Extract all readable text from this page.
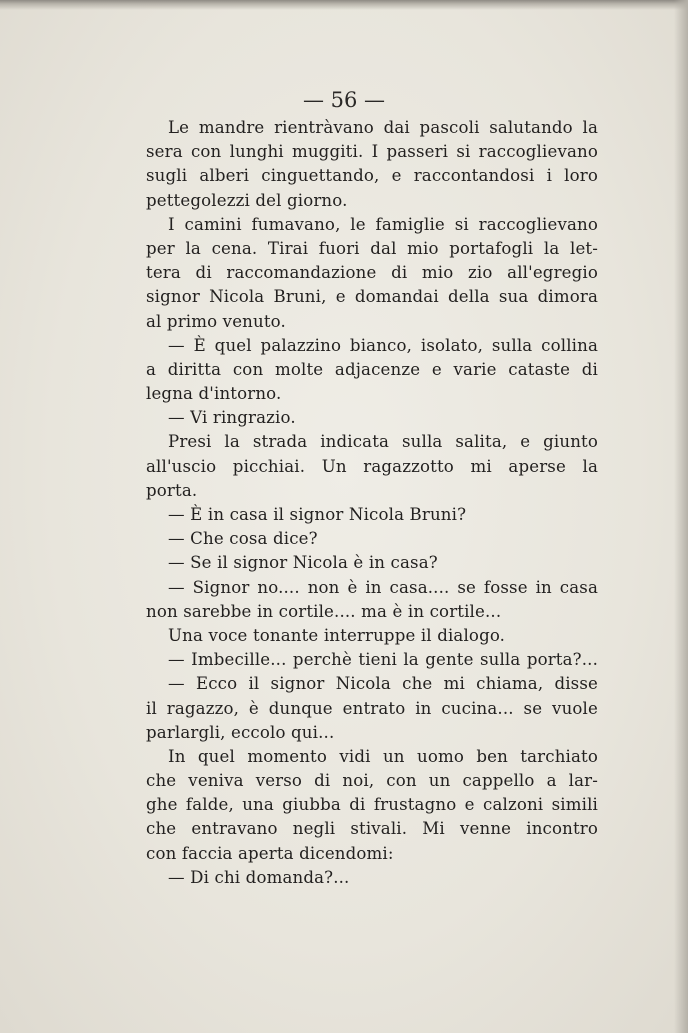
— 56 —

Le mandre rientràvano dai pascoli salutando la
sera con lunghi muggiti. I passeri si raccoglievano
sugli alberi cinguettando, e raccontandosi i loro
pettegolezzi del giorno.
I camini fumavano, le famiglie si raccoglievano
per la cena. Tirai fuori dal mio portafogli la let-
tera di raccomandazione di mio zio all'egregio
signor Nicola Bruni, e domandai della sua dimora
al primo venuto.
— È quel palazzino bianco, isolato, sulla collina
a diritta con molte adjacenze e varie cataste di
legna d'intorno.
— Vi ringrazio.
Presi la strada indicata sulla salita, e giunto
all'uscio picchiai. Un ragazzotto mi aperse la
porta.
— È in casa il signor Nicola Bruni?
— Che cosa dice?
— Se il signor Nicola è in casa?
— Signor no.... non è in casa.... se fosse in casa
non sarebbe in cortile.... ma è in cortile...
Una voce tonante interruppe il dialogo.
— Imbecille... perchè tieni la gente sulla porta?...
— Ecco il signor Nicola che mi chiama, disse
il ragazzo, è dunque entrato in cucina... se vuole
parlargli, eccolo qui...
In quel momento vidi un uomo ben tarchiato
che veniva verso di noi, con un cappello a lar-
ghe falde, una giubba di frustagno e calzoni simili
che entravano negli stivali. Mi venne incontro
con faccia aperta dicendomi:
— Di chi domanda?...
